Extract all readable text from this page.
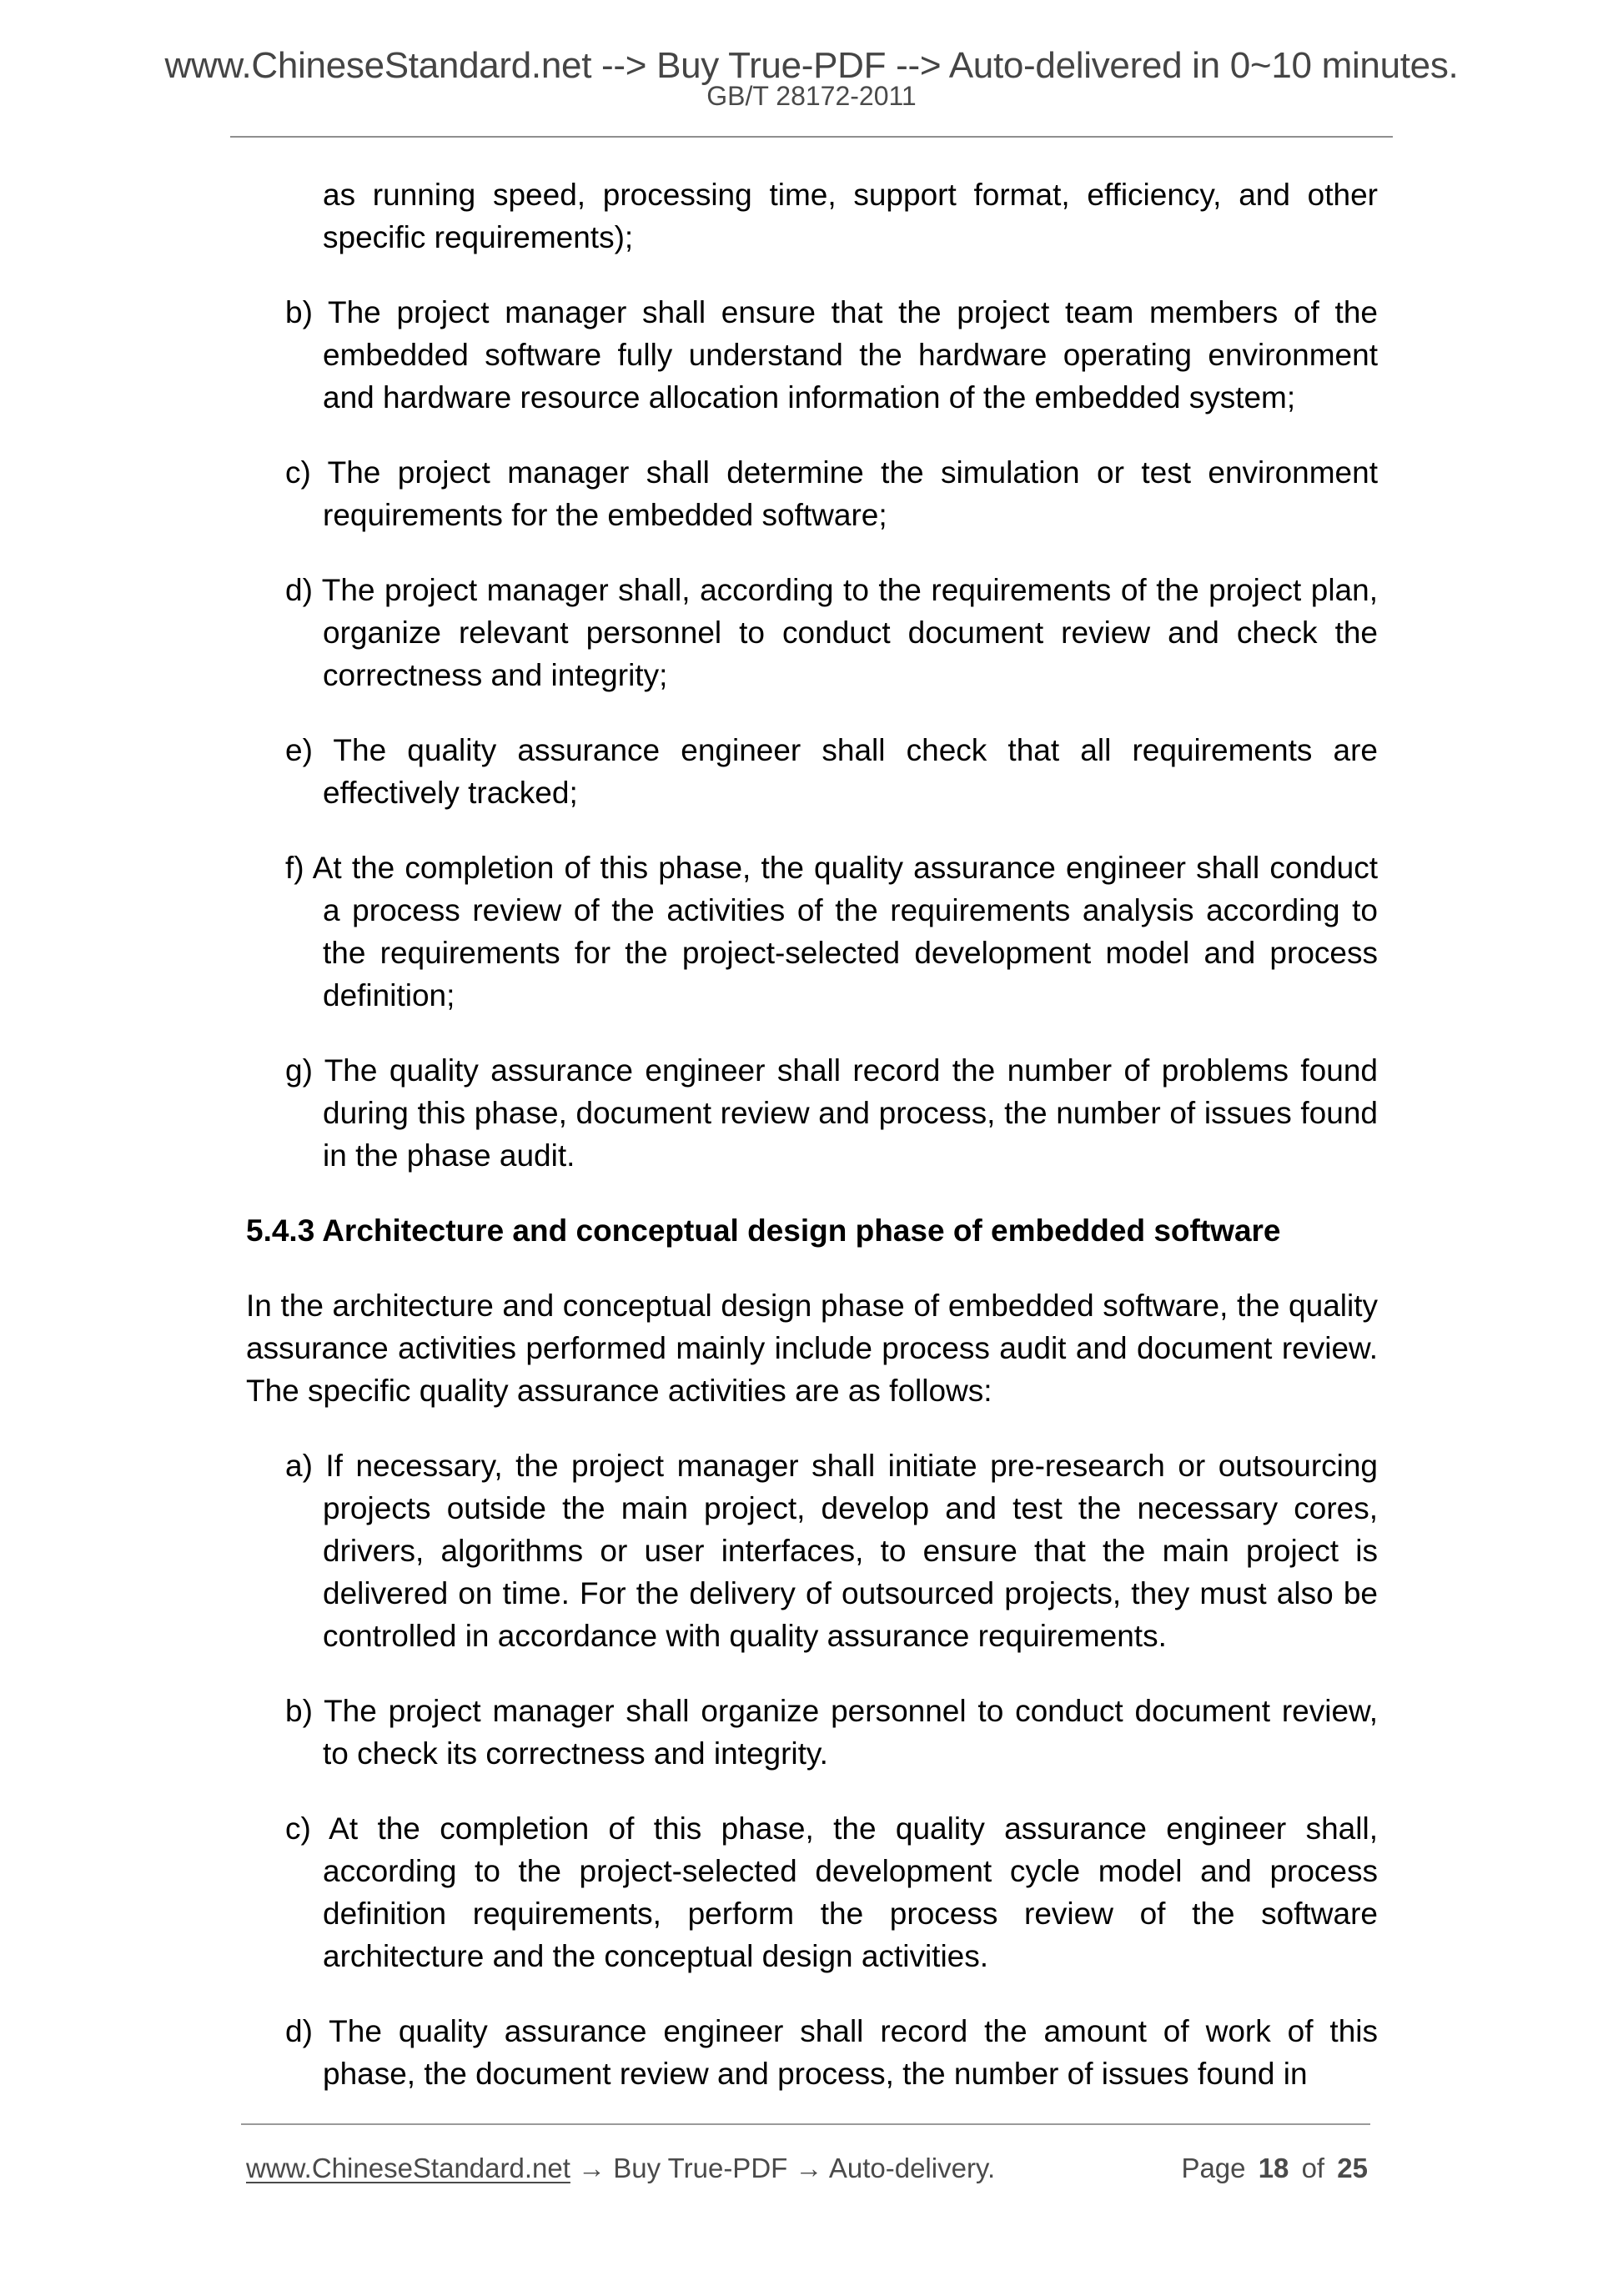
www.ChineseStandard.net --> Buy True-PDF --> Auto-delivered in 0~10 minutes.
GB/T 28172-2011

as running speed, processing time, support format, efficiency, and other specific requirements);

b) The project manager shall ensure that the project team members of the embedded software fully understand the hardware operating environment and hardware resource allocation information of the embedded system;

c) The project manager shall determine the simulation or test environment requirements for the embedded software;

d) The project manager shall, according to the requirements of the project plan, organize relevant personnel to conduct document review and check the correctness and integrity;

e) The quality assurance engineer shall check that all requirements are effectively tracked;

f) At the completion of this phase, the quality assurance engineer shall conduct a process review of the activities of the requirements analysis according to the requirements for the project-selected development model and process definition;

g) The quality assurance engineer shall record the number of problems found during this phase, document review and process, the number of issues found in the phase audit.

5.4.3 Architecture and conceptual design phase of embedded software

In the architecture and conceptual design phase of embedded software, the quality assurance activities performed mainly include process audit and document review. The specific quality assurance activities are as follows:

a) If necessary, the project manager shall initiate pre-research or outsourcing projects outside the main project, develop and test the necessary cores, drivers, algorithms or user interfaces, to ensure that the main project is delivered on time. For the delivery of outsourced projects, they must also be controlled in accordance with quality assurance requirements.

b) The project manager shall organize personnel to conduct document review, to check its correctness and integrity.

c) At the completion of this phase, the quality assurance engineer shall, according to the project-selected development cycle model and process definition requirements, perform the process review of the software architecture and the conceptual design activities.

d) The quality assurance engineer shall record the amount of work of this phase, the document review and process, the number of issues found in

www.ChineseStandard.net → Buy True-PDF → Auto-delivery.	Page 18 of 25
